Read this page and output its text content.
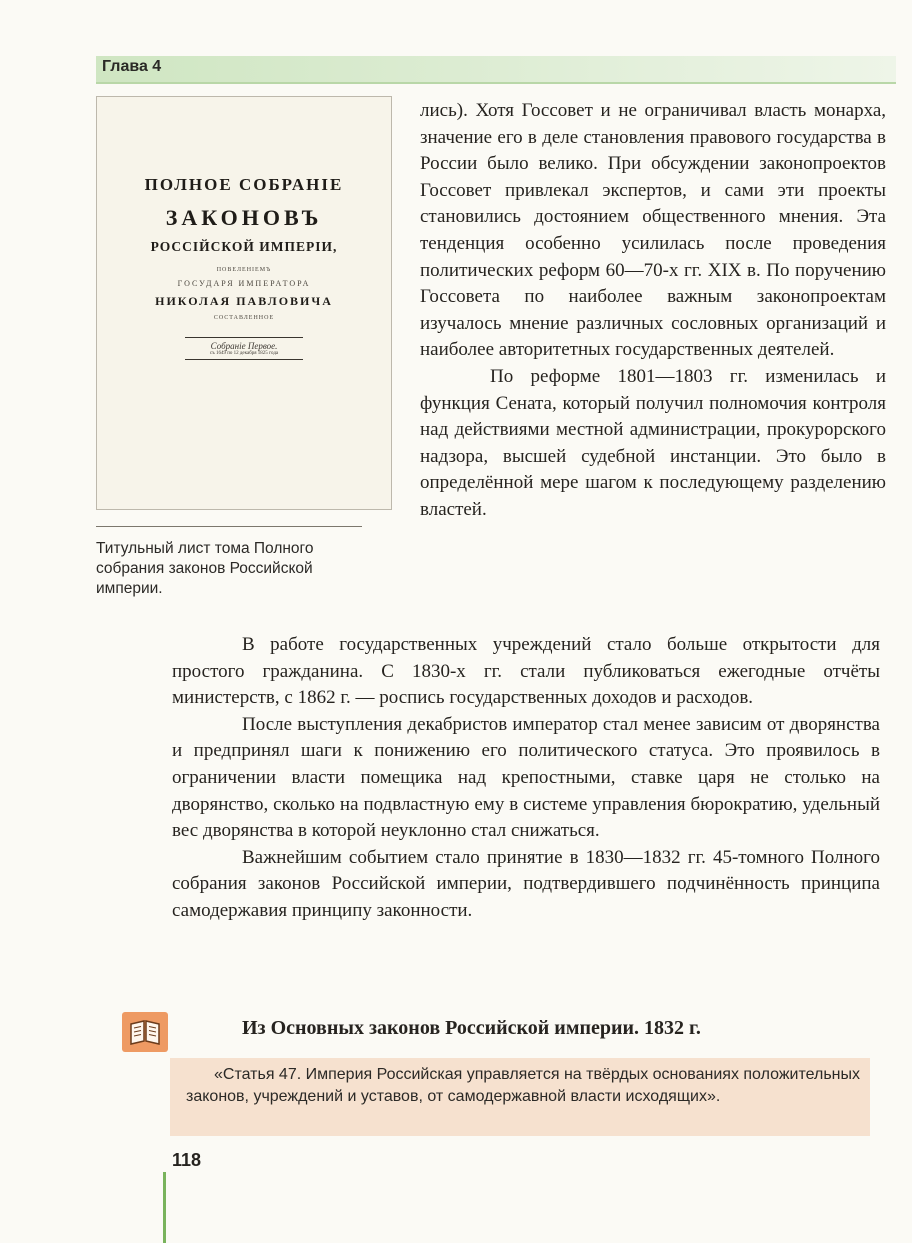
Глава 4
ПОЛНОЕ СОБРАНІЕ
ЗАКОНОВЪ
РОССІЙСКОЙ ИМПЕРІИ,
ПОВЕЛЕНІЕМЪ
ГОСУДАРЯ ИМПЕРАТОРА
НИКОЛАЯ ПАВЛОВИЧА
СОСТАВЛЕННОЕ
Собраніе Первое.
съ 1649 по 12 декабря 1825 года
Титульный лист тома Полного собрания законов Российской империи.

лись). Хотя Госсовет и не ограничивал власть монарха, значение его в деле становления правового государства в России было велико. При обсуждении законопроектов Госсовет привлекал экспертов, и сами эти проекты становились достоянием общественного мнения. Эта тенденция особенно усилилась после проведения политических реформ 60—70-х гг. XIX в. По поручению Госсовета по наиболее важным законопроектам изучалось мнение различных сословных организаций и наиболее авторитетных государственных деятелей.

По реформе 1801—1803 гг. изменилась и функция Сената, который получил полномочия контроля над действиями местной администрации, прокурорского надзора, высшей судебной инстанции. Это было в определённой мере шагом к последующему разделению властей.

В работе государственных учреждений стало больше открытости для простого гражданина. С 1830-х гг. стали публиковаться ежегодные отчёты министерств, с 1862 г. — роспись государственных доходов и расходов.

После выступления декабристов император стал менее зависим от дворянства и предпринял шаги к понижению его политического статуса. Это проявилось в ограничении власти помещика над крепостными, ставке царя не столько на дворянство, сколько на подвластную ему в системе управления бюрократию, удельный вес дворянства в которой неуклонно стал снижаться.

Важнейшим событием стало принятие в 1830—1832 гг. 45-томного Полного собрания законов Российской империи, подтвердившего подчинённость принципа самодержавия принципу законности.

Из Основных законов Российской империи. 1832 г.
«Статья 47. Империя Российская управляется на твёрдых основаниях положительных законов, учреждений и уставов, от самодержавной власти исходящих».
118
